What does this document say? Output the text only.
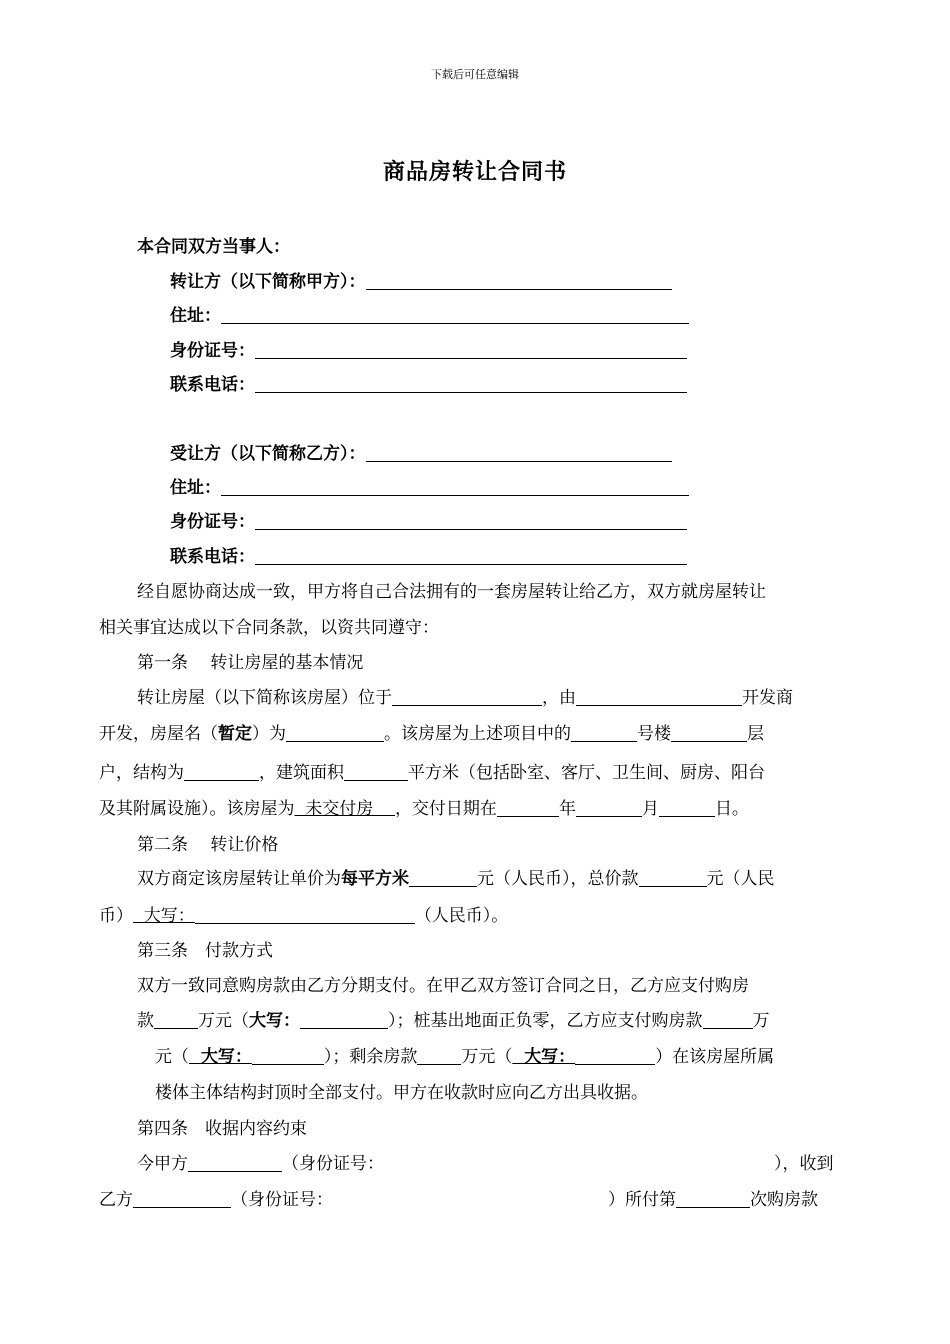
下载后可任意编辑
商品房转让合同书
本合同双方当事人：
转让方（以下简称甲方）：
住址：
身份证号：
联系电话：
受让方（以下简称乙方）：
住址：
身份证号：
联系电话：
经自愿协商达成一致，甲方将自己合法拥有的一套房屋转让给乙方，双方就房屋转让
相关事宜达成以下合同条款，以资共同遵守：
第一条　 转让房屋的基本情况
转让房屋（以下简称该房屋）位于	，由	开发商
开发，房屋名（暂定）为	。该房屋为上述项目中的	号楼	层
户，结构为	，建筑面积	平方米（包括卧室、客厅、卫生间、厨房、阳台
及其附属设施）。该房屋为  未交付房    ，交付日期在	年	月	日。
第二条　 转让价格
双方商定该房屋转让单价为每平方米	元（人民币），总价款	元（人民
币）  大写：	（人民币）。
第三条　付款方式
双方一致同意购房款由乙方分期支付。在甲乙双方签订合同之日，乙方应支付购房
款	万元（大写：	）；桩基出地面正负零，乙方应支付购房款	万
元（  大写：	）；剩余房款	万元（  大写：	）在该房屋所属
楼体主体结构封顶时全部支付。甲方在收款时应向乙方出具收据。
第四条　收据内容约束
今甲方	（身份证号：	），收到
乙方	（身份证号：	）所付第	次购房款
